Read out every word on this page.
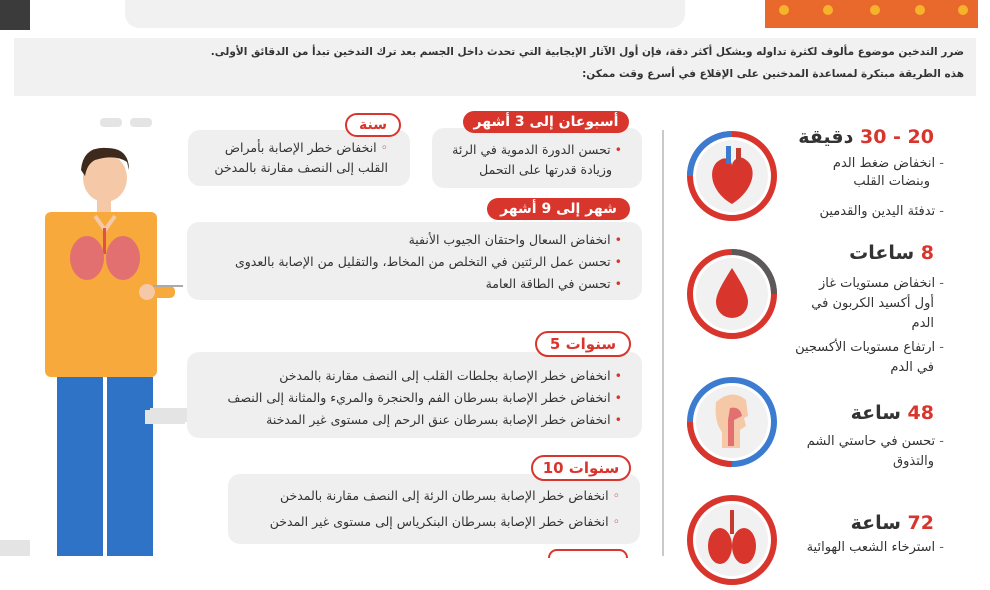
ضرر التدخين موضوع مألوف لكثرة تداوله وبشكل أكثر دقة، فإن أول الآثار الإيجابية التي تحدث داخل الجسم بعد ترك التدخين تبدأ من الدقائق الأولى.

هذه الطريقة مبتكرة لمساعدة المدخنين على الإقلاع في أسرع وقت ممكن:

◦ انخفاض خطر الإصابة بأمراض
القلب إلى النصف مقارنة بالمدخن
سنة
• تحسن الدورة الدموية في الرئة
وزيادة قدرتها على التحمل
أسبوعان إلى 3 أشهر
• انخفاض السعال واحتقان الجيوب الأنفية
• تحسن عمل الرئتين في التخلص من المخاط، والتقليل من الإصابة بالعدوى
• تحسن في الطاقة العامة
شهر إلى 9 أشهر
• انخفاض خطر الإصابة بجلطات القلب إلى النصف مقارنة بالمدخن
• انخفاض خطر الإصابة بسرطان الفم والحنجرة والمريء والمثانة إلى النصف
• انخفاض خطر الإصابة بسرطان عنق الرحم إلى مستوى غير المدخنة
5 سنوات
◦ انخفاض خطر الإصابة بسرطان الرئة إلى النصف مقارنة بالمدخن
◦ انخفاض خطر الإصابة بسرطان البنكرياس إلى مستوى غير المدخن
10 سنوات
20 - 30 دقيقة
- انخفاض ضغط الدم
وبنضات القلب
- تدفئة اليدين والقدمين
8 ساعات
- انخفاض مستويات غاز
أول أكسيد الكربون في
الدم
- ارتفاع مستويات الأكسجين
في الدم
48 ساعة
- تحسن في حاستي الشم
والتذوق
72 ساعة
- استرخاء الشعب الهوائية
